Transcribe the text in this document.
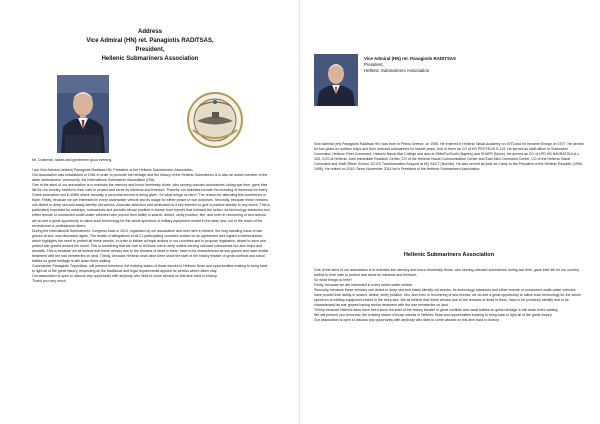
Address
Vice Admiral (HN) ret. Panagiotis RADITSAS,
President,
Hellenic Submariners Association

Mr. Chairman, ladies and gentlemen good evening,

I am Vice Admiral (retired) Panagiotis Raditsas HN, President of the Hellenic Submariners' Association.

Our Association was established in 1981 in order to promote the heritage and the history of the Hellenic Submarines & is also an active member of the wider submariners' community, the International Submariner Association (ISA).

One of the aims of our association is to maintain the memory and honor timelessly those, who serving onboard submarines during war time, gave their life for our country, faithful to their oath to protect and serve its interests and freedom. Therefor our activities include the founding of memorial for every Greek submarine lost in WWII where annually a memorial service is being given. So what brings us here? The reason for attending this conference is triple. Firstly, because we are interested in every underwater vehicle and its usage for either peace or war purposes. Secondly, because these vehicles can detect in deep sea and easily identify old wrecks. Accurate detection and verification is a key element to give a positive identity to any wreck. This is particularly important for warships, submarines and aircrafts whose position is known from reports that followed the action. As technology advances and either remote or unmanned under-water vehicles have proved their ability in search, detect, verify position, film, and even in recovering of sea wrecks, we do see a great opportunity to utilize such technology for the whole spectrum of military equipment rested in the deep sea, out of the reach of the recreational or professional divers.

During the International Submariners' Congress back in 2014, organized by our association and held here in Athens, the long standing issue of war graves at sea, was discussed again. The heads of delegations of all 21 participating countries arrived on an agreement and signed a memorandum which highlights the need to protect all these wrecks, in order to initiate all legal actions in our countries and to propose legislation, aimed to save and protect war graves around the world. This is something that we owe to all those lost in deep waters serving onboard submarines but also ships and aircrafts. This is because we all believe that these wrecks due to the remains of dead in them, have to be characterized as war graves and have similar treatment with the war cemeteries on land. Thirdly, because Hellenic seas have been since the start of the history theater of great conflicts and naval battles so great heritage is still down there waiting.

Commander Panagiotis Tripontikas, will present tomorrow, the existing status of those wrecks in Hellenic Seas and opportunities existing to bring back to light all of the great history, respecting all the traditional and legal requirements applied for wrecks where fallen stay.

Our association is open to discuss any opportunity with anybody who likes to come aboard on this dive back to history.

Thank you very much

Vice Admiral (HN) ret. Panagiotis RADITSAS
President,
Hellenic Submariners Association

Vice Admiral (ret) Panagiotis Raditsas HN, was born in Pireus Greece, on 1955. He entered in Hellenic Naval Academy on 1973 and he became Ensign on 1977. He served for two years on surface ships and then onboard submarines for twelve years, four of them as CO of HS PROTEUS S-113. He served as staff officer in Submarine Command, Hellenic Fleet Command, Hellenic Naval War College and also at SHileForSouth (Naples) and SHAPE (Mons). He served as CO of LPD HS NAVRATOULA L-153, COS at Hellenic Joint Immediate Reaction Center, CO of the Hellenic Naval Communication Center and East Med Command Center, CO of the Hellenic Naval Command and Staff Officer School, DCOS Transformation Support at HQ SACT (Norfolk). He also served as Aide de Camp to the President of the Hellenic Republic (1990-1995). He retired on 2010. Since November 2014 he is President of the Hellenic Submariners Association.

Hellenic Submariners Association

One of the aims of our association is to maintain the memory and honor timelessly those, who serving onboard submarines during war time, gave their life for our country, faithful to their oath to protect and serve its interests and freedom.

So what brings us here?

Firstly, because we are interested in every under-water vehicle.

Secondly, because these vehicles can detect in deep sea and easily identify old wrecks. As technology advances and either remote or unmanned under-water vehicles have proved their ability in search, detect, verify position, film, and even in recovering of sea wrecks, we do see a great opportunity to utilize such technology for the whole spectrum of military equipment rested in the deep sea. We all believe that these wrecks due to the remains of dead in them, have to be positively identify and to be characterized as war graves having similar treatment with the war cemeteries on land.

Thirdly because Hellenic seas have been since the start of the history theater of great conflicts and naval battles so great heritage is still down there waiting.

We will present you tomorrow, the existing status of those wrecks in Hellenic Seas and opportunities existing to bring back to light all of the great history.

Our association is open to discuss any opportunity with anybody who likes to come aboard on this dive back to history.
